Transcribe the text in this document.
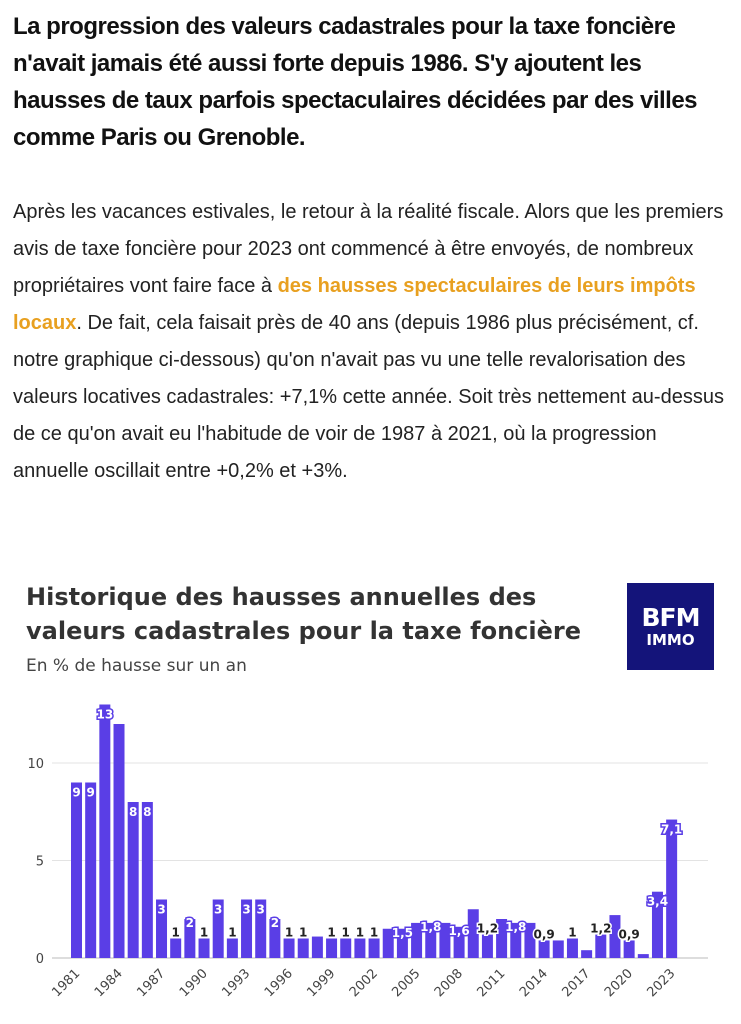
La progression des valeurs cadastrales pour la taxe foncière n'avait jamais été aussi forte depuis 1986. S'y ajoutent les hausses de taux parfois spectaculaires décidées par des villes comme Paris ou Grenoble.
Après les vacances estivales, le retour à la réalité fiscale. Alors que les premiers avis de taxe foncière pour 2023 ont commencé à être envoyés, de nombreux propriétaires vont faire face à des hausses spectaculaires de leurs impôts locaux. De fait, cela faisait près de 40 ans (depuis 1986 plus précisément, cf. notre graphique ci-dessous) qu'on n'avait pas vu une telle revalorisation des valeurs locatives cadastrales: +7,1% cette année. Soit très nettement au-dessus de ce qu'on avait eu l'habitude de voir de 1987 à 2021, où la progression annuelle oscillait entre +0,2% et +3%.
Historique des hausses annuelles des valeurs cadastrales pour la taxe foncière
En % de hausse sur un an
BFM
IMMO
0
5
10
9 9
13
8 8
3
1
2
1
3
1
3 3
2
1 1 1 1 1 1 1,5 1,8 1,6 1,2 1,8
0,9 1 1,2 0,9
3,4
7,1
1981 1984 1987 1990 1993 1996 1999 2002 2005 2008 2011 2014 2017 2020 2023
